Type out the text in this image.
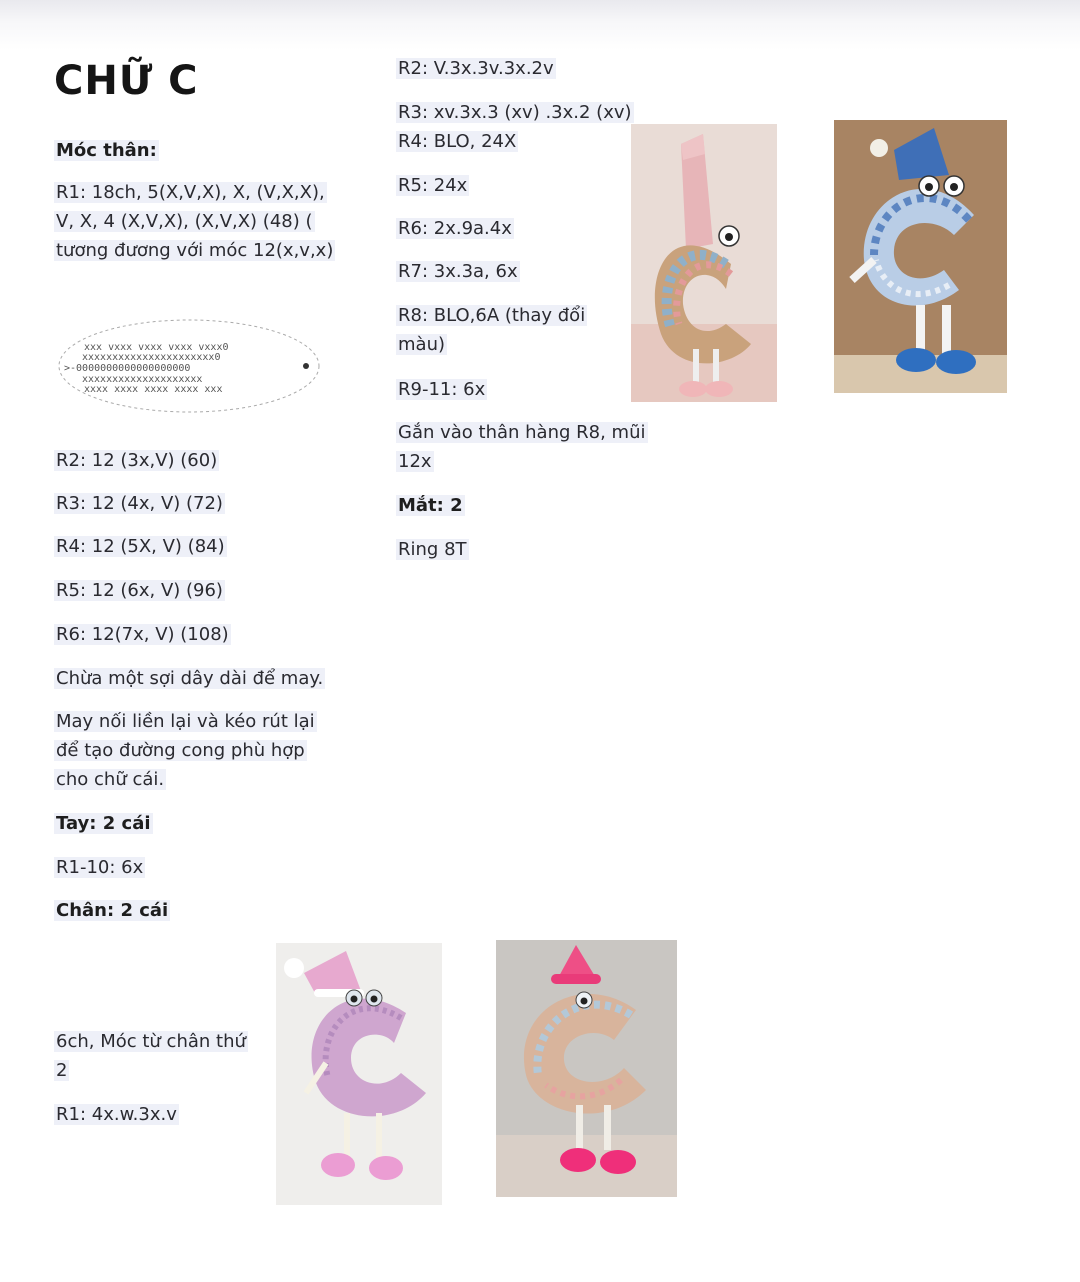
CHỮ C

Móc thân:

R1: 18ch, 5(X,V,X), X, (V,X,X), V, X, 4 (X,V,X), (X,V,X) (48) ( tương đương với móc 12(x,v,x)

xxx vxxx vxxx vxxx vxxx0
xxxxxxxxxxxxxxxxxxxxxx0
>-0000000000000000000
xxxxxxxxxxxxxxxxxxxx
xxxx xxxx xxxx xxxx xxx

R2: 12 (3x,V) (60)

R3: 12 (4x, V) (72)

R4: 12 (5X, V) (84)

R5: 12 (6x, V) (96)

R6: 12(7x, V) (108)

Chừa một sợi dây dài để may.

May nối liền lại và kéo rút lại để tạo đường cong phù hợp cho chữ cái.

Tay: 2 cái

R1-10: 6x

Chân: 2 cái

6ch, Móc từ chân thứ 2

R1: 4x.w.3x.v

R2: V.3x.3v.3x.2v

R3: xv.3x.3 (xv) .3x.2 (xv) R4: BLO, 24X

R5: 24x

R6: 2x.9a.4x

R7: 3x.3a, 6x

R8: BLO,6A (thay đổi màu)

R9-11: 6x

Gắn vào thân hàng R8, mũi 12x

Mắt: 2

Ring 8T
